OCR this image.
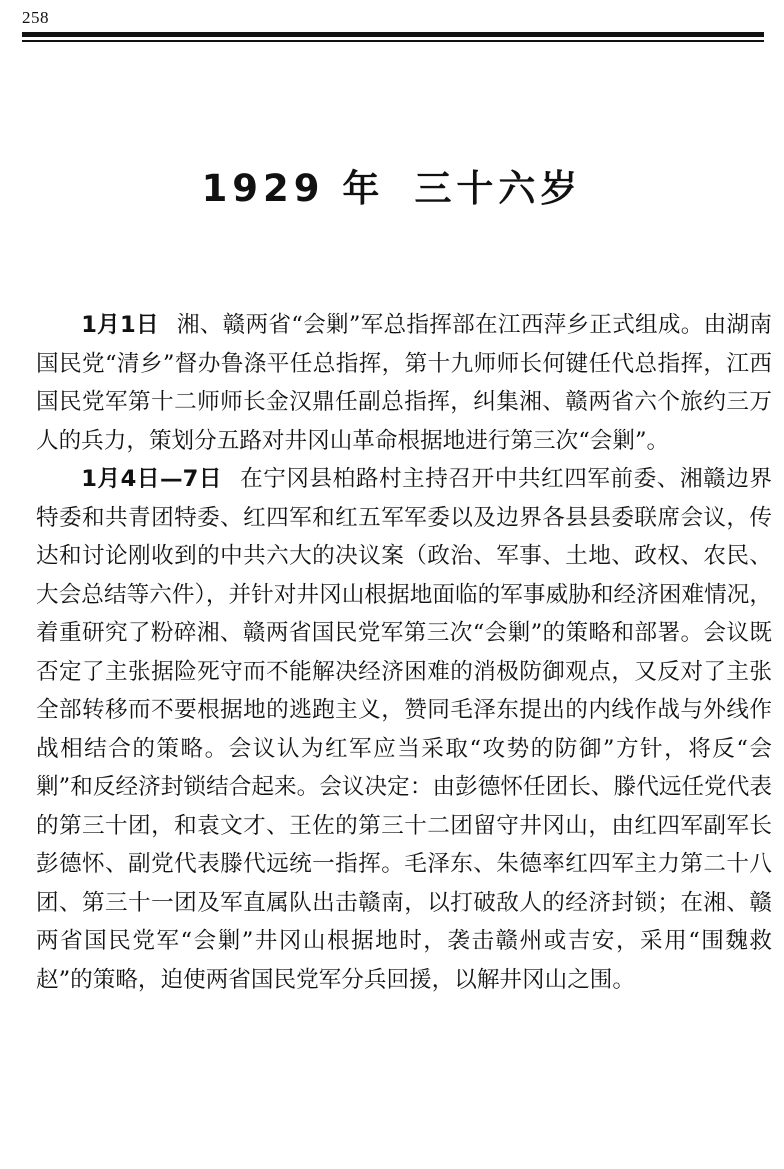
258
1929 年 三十六岁

1月1日 湘、赣两省“会剿”军总指挥部在江西萍乡正式组成。由湖南国民党“清乡”督办鲁涤平任总指挥，第十九师师长何键任代总指挥，江西国民党军第十二师师长金汉鼎任副总指挥，纠集湘、赣两省六个旅约三万人的兵力，策划分五路对井冈山革命根据地进行第三次“会剿”。

1月4日—7日 在宁冈县柏路村主持召开中共红四军前委、湘赣边界特委和共青团特委、红四军和红五军军委以及边界各县县委联席会议，传达和讨论刚收到的中共六大的决议案（政治、军事、土地、政权、农民、大会总结等六件），并针对井冈山根据地面临的军事威胁和经济困难情况，着重研究了粉碎湘、赣两省国民党军第三次“会剿”的策略和部署。会议既否定了主张据险死守而不能解决经济困难的消极防御观点，又反对了主张全部转移而不要根据地的逃跑主义，赞同毛泽东提出的内线作战与外线作战相结合的策略。会议认为红军应当采取“攻势的防御”方针，将反“会剿”和反经济封锁结合起来。会议决定：由彭德怀任团长、滕代远任党代表的第三十团，和袁文才、王佐的第三十二团留守井冈山，由红四军副军长彭德怀、副党代表滕代远统一指挥。毛泽东、朱德率红四军主力第二十八团、第三十一团及军直属队出击赣南，以打破敌人的经济封锁；在湘、赣两省国民党军“会剿”井冈山根据地时，袭击赣州或吉安，采用“围魏救赵”的策略，迫使两省国民党军分兵回援，以解井冈山之围。
